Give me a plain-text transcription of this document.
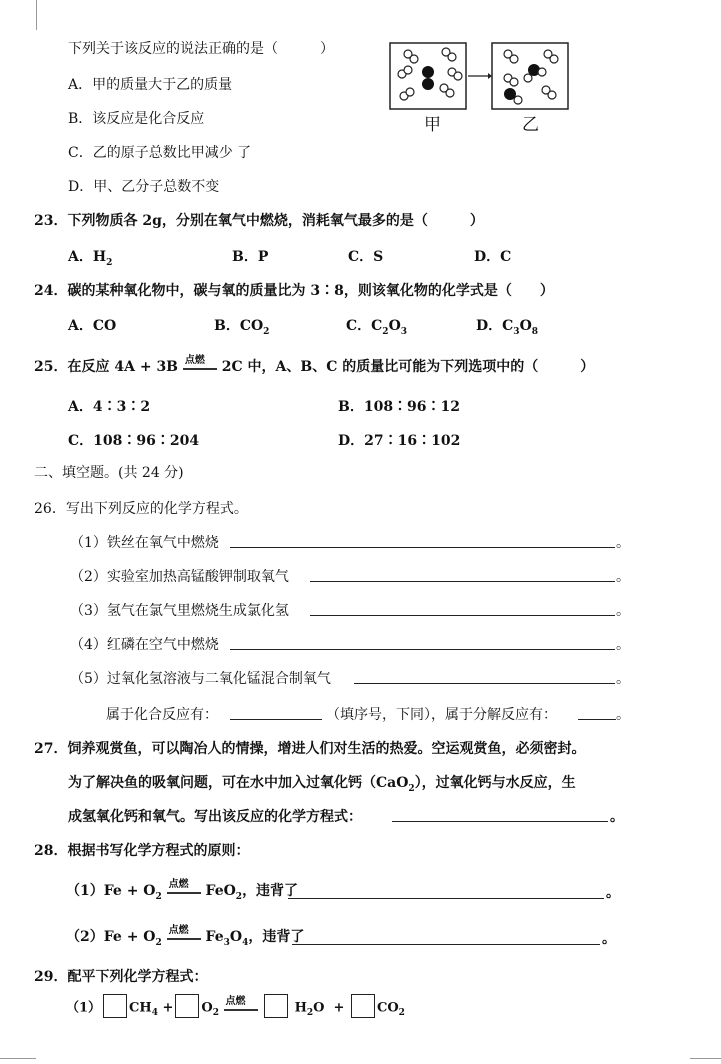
下列关于该反应的说法正确的是（　　　）
A．甲的质量大于乙的质量
B．该反应是化合反应
C．乙的原子总数比甲减少 了
D．甲、乙分子总数不变
甲	乙
23．下列物质各 2g，分别在氧气中燃烧，消耗氧气最多的是（　　　）
A．$H_2$	B．P	C．S	D．C
24．碳的某种氧化物中，碳与氧的质量比为 3∶8，则该氧化物的化学式是（　　）
A．CO	B．$CO_2$	C．$C_2O_3$	D．$C_3O_8$
25．在反应 4A + 3B 点燃 2C 中，A、B、C 的质量比可能为下列选项中的（　　　）
A．4∶3∶2	B．108∶96∶12
C．108∶96∶204	D．27∶16∶102
二、填空题。(共 24 分)
26．写出下列反应的化学方程式。
（1）铁丝在氧气中燃烧	。
（2）实验室加热高锰酸钾制取氧气	。
（3）氢气在氯气里燃烧生成氯化氢	。
（4）红磷在空气中燃烧	。
（5）过氧化氢溶液与二氧化锰混合制氧气	。
属于化合反应有：	（填序号，下同），属于分解反应有：	。
27．饲养观赏鱼，可以陶冶人的情操，增进人们对生活的热爱。空运观赏鱼，必须密封。
为了解决鱼的吸氧问题，可在水中加入过氧化钙（CaO$_2$），过氧化钙与水反应，生
成氢氧化钙和氧气。写出该反应的化学方程式：	。
28．根据书写化学方程式的原则：
$(1)Fe + O_2$
点燃 FeO$_2$，违背了	。
$(2)Fe + O_2$
点燃 $Fe_3O_4$，违背了	。
29．配平下列化学方程式：
（1） $CH_4 + O_2$
点燃	$H_2O$ +	$CO_2$
